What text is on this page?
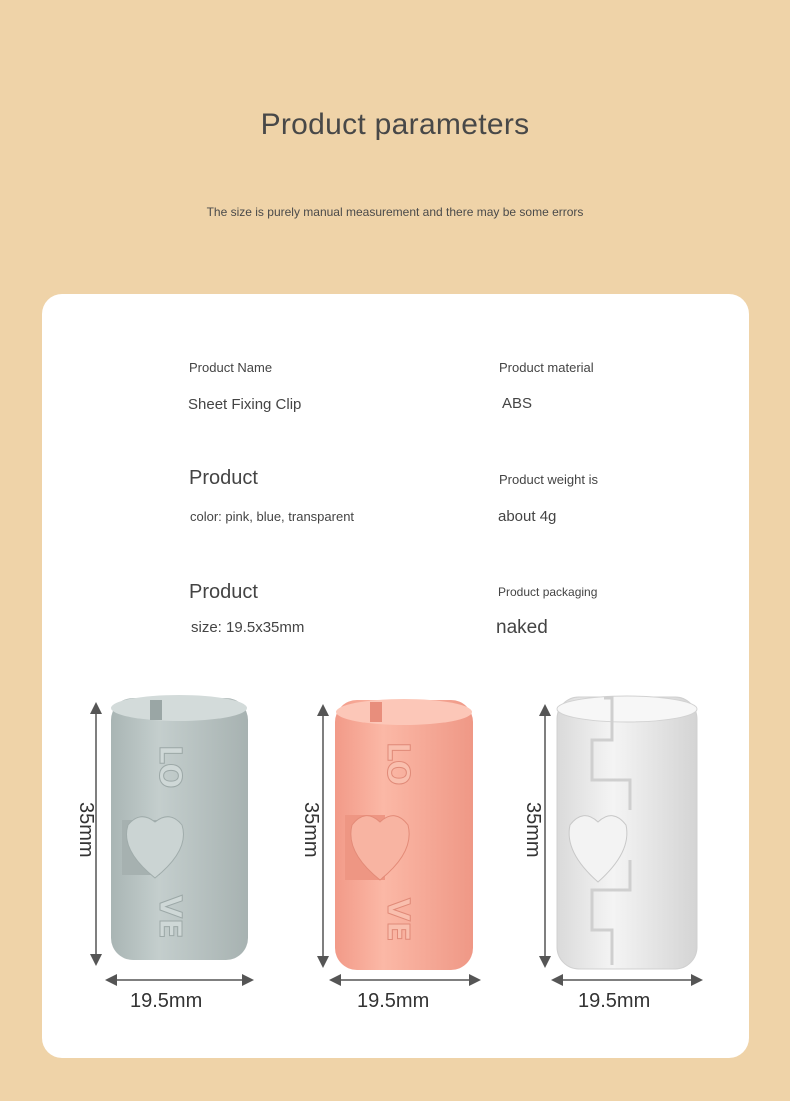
Product parameters
The size is purely manual measurement and there may be some errors
Product Name
Sheet Fixing Clip
Product material
ABS
Product
color: pink, blue, transparent
Product weight is
about 4g
Product
size: 19.5x35mm
Product packaging
naked
LO
VE
LO
VE
35mm
19.5mm
35mm
19.5mm
35mm
19.5mm
